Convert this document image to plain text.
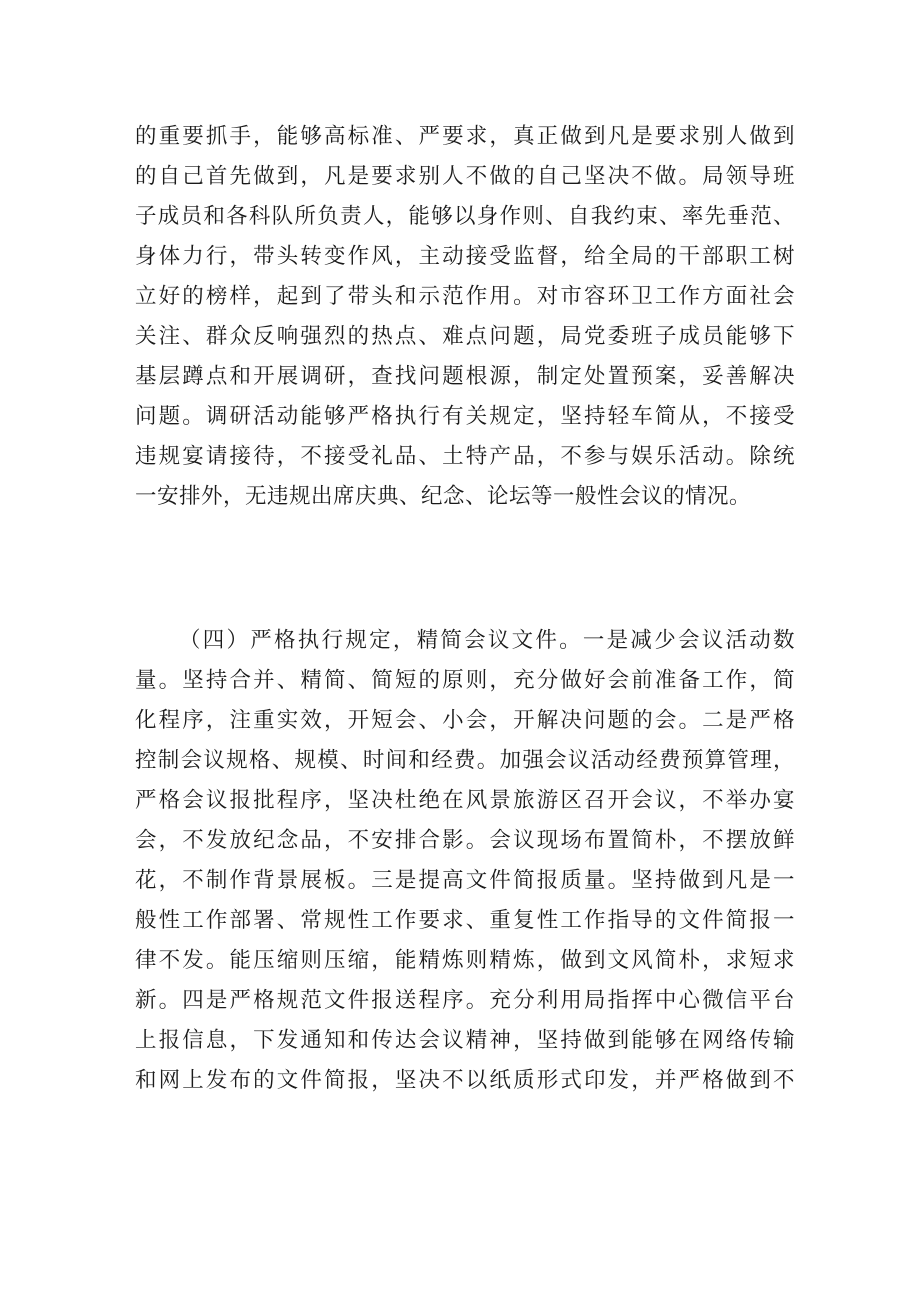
的重要抓手，能够高标准、严要求，真正做到凡是要求别人做到
的自己首先做到，凡是要求别人不做的自己坚决不做。局领导班
子成员和各科队所负责人，能够以身作则、自我约束、率先垂范、
身体力行，带头转变作风，主动接受监督，给全局的干部职工树
立好的榜样，起到了带头和示范作用。对市容环卫工作方面社会
关注、群众反响强烈的热点、难点问题，局党委班子成员能够下
基层蹲点和开展调研，查找问题根源，制定处置预案，妥善解决
问题。调研活动能够严格执行有关规定，坚持轻车简从，不接受
违规宴请接待，不接受礼品、土特产品，不参与娱乐活动。除统
一安排外，无违规出席庆典、纪念、论坛等一般性会议的情况。
（四）严格执行规定，精简会议文件。一是减少会议活动数
量。坚持合并、精简、简短的原则，充分做好会前准备工作，简
化程序，注重实效，开短会、小会，开解决问题的会。二是严格
控制会议规格、规模、时间和经费。加强会议活动经费预算管理，
严格会议报批程序，坚决杜绝在风景旅游区召开会议，不举办宴
会，不发放纪念品，不安排合影。会议现场布置简朴，不摆放鲜
花，不制作背景展板。三是提高文件简报质量。坚持做到凡是一
般性工作部署、常规性工作要求、重复性工作指导的文件简报一
律不发。能压缩则压缩，能精炼则精炼，做到文风简朴，求短求
新。四是严格规范文件报送程序。充分利用局指挥中心微信平台
上报信息，下发通知和传达会议精神，坚持做到能够在网络传输
和网上发布的文件简报，坚决不以纸质形式印发，并严格做到不
